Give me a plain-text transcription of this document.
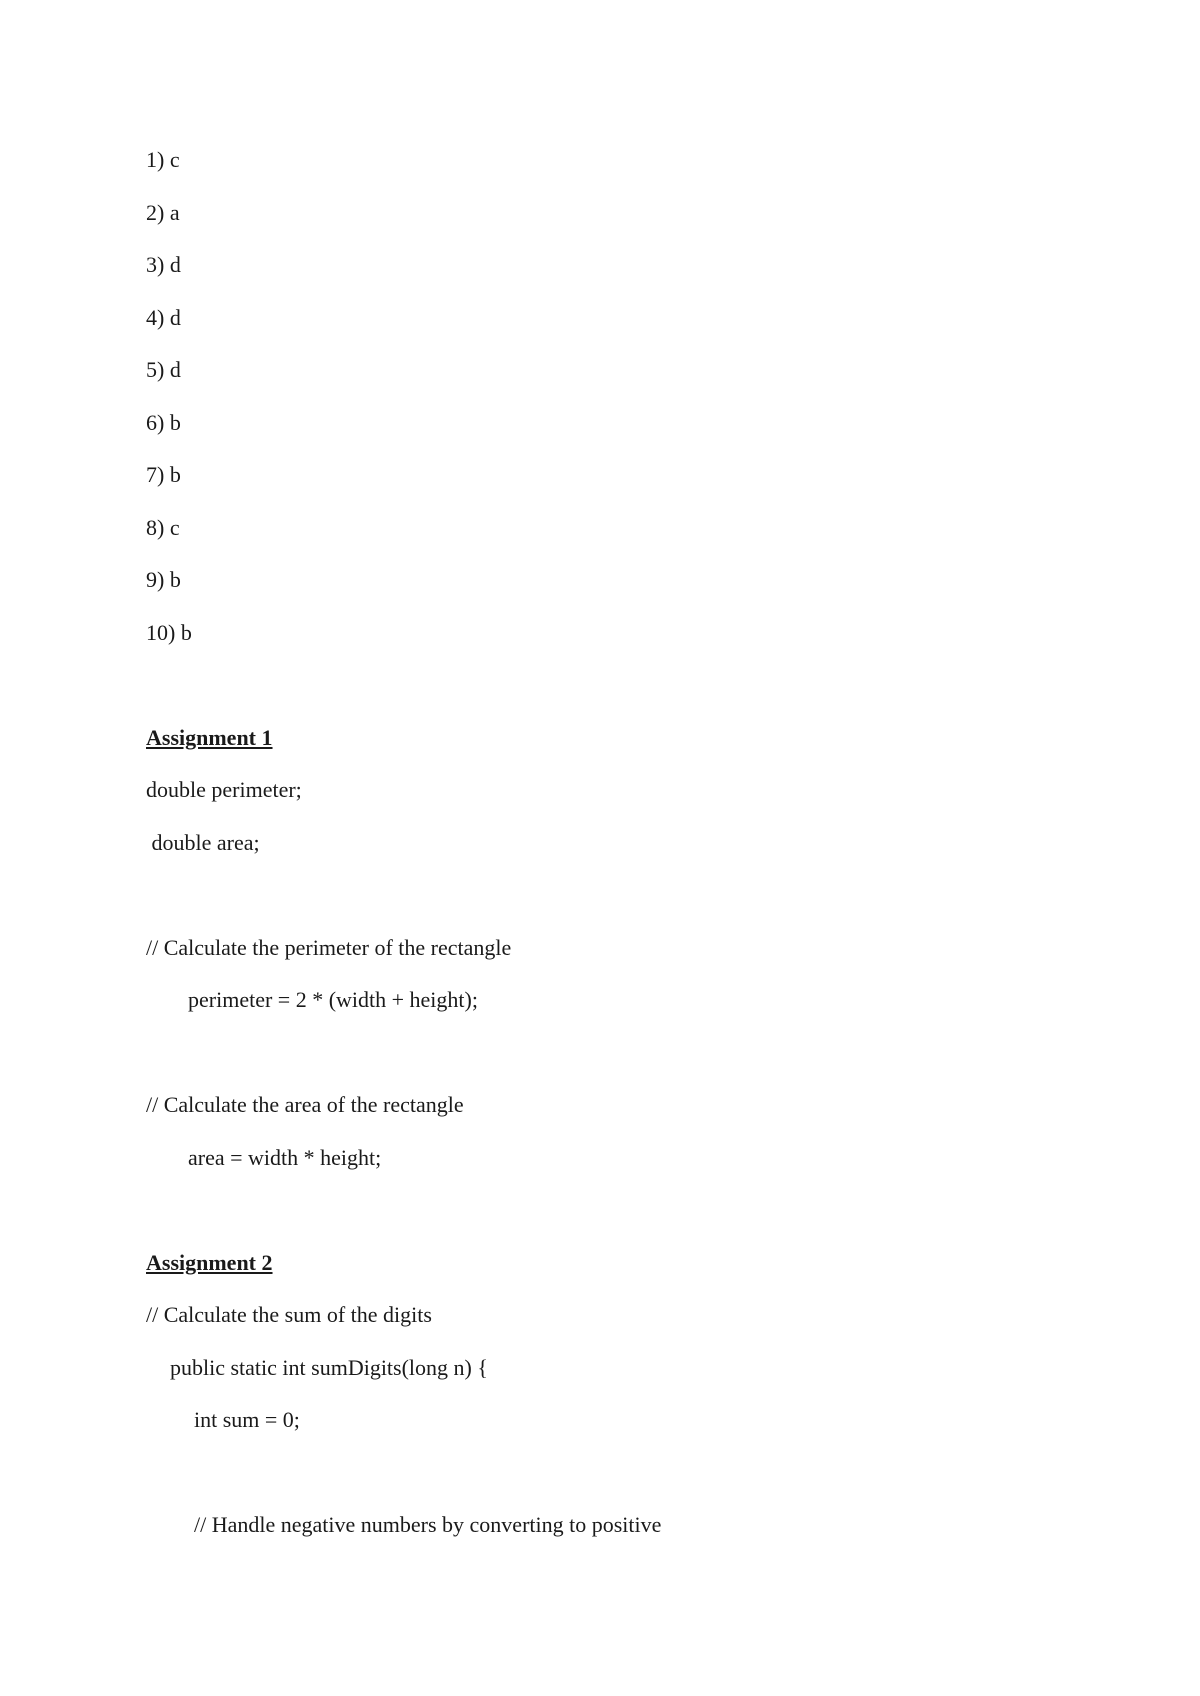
1) c
2) a
3) d
4) d
5) d
6) b
7) b
8) c
9) b
10) b
Assignment 1
double perimeter;
double area;
// Calculate the perimeter of the rectangle
perimeter = 2 * (width + height);
// Calculate the area of the rectangle
area = width * height;
Assignment 2
// Calculate the sum of the digits
public static int sumDigits(long n) {
int sum = 0;
// Handle negative numbers by converting to positive
